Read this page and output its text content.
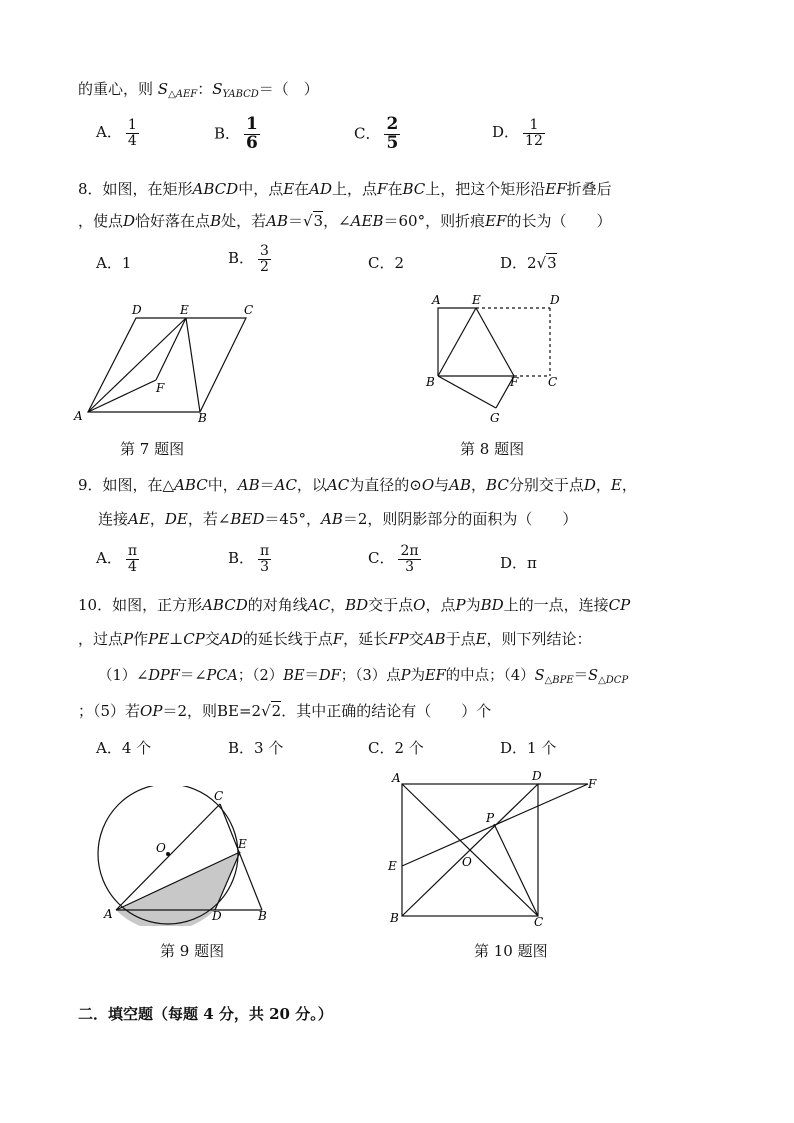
的重心，则 $S_{\triangle AEF}$：$S_{YABCD}=$（　）
A． $\frac{1}{4}$	B． $\frac{1}{6}$	C． $\frac{2}{5}$	D． $\frac{1}{12}$
8．如图，在矩形ABCD中，点E在AD上，点F在BC上，把这个矩形沿EF折叠后
，使点D恰好落在点B处，若AB＝√3，∠AEB＝60°，则折痕EF的长为（　　）
A．1	B． $\frac{3}{2}$	C．2	D．2√3
A	B
C
D	E
F
第 7 题图
A	E	D
B	F C
G
第 8 题图
9．如图，在△ABC中，AB＝AC，以AC为直径的⊙O与AB，BC分别交于点D，E，
连接AE，DE，若∠BED＝45°，AB＝2，则阴影部分的面积为（　　）
A． $\frac{\pi}{4}$	B． $\frac{\pi}{3}$	C． $\frac{2\pi}{3}$	D．π
10．如图，正方形ABCD的对角线AC，BD交于点O，点P为BD上的一点，连接CP
，过点P作PE⊥CP交AD的延长线于点F，延长FP交AB于点E，则下列结论：
（1）∠DPF＝∠PCA；（2）BE＝DF；（3）点P为EF的中点；$(4)S_{\triangle BPE}=S_{\triangle DCP}$
；（5）若OP＝2，则BE=2√2．其中正确的结论有（　　）个
A．4 个	B．3 个	C．2 个	D．1 个
A	B
C
D
E
O
第 9 题图
A	D
F
E
P
O
B	C
第 10 题图
二．填空题（每题 4 分，共 20 分。）
